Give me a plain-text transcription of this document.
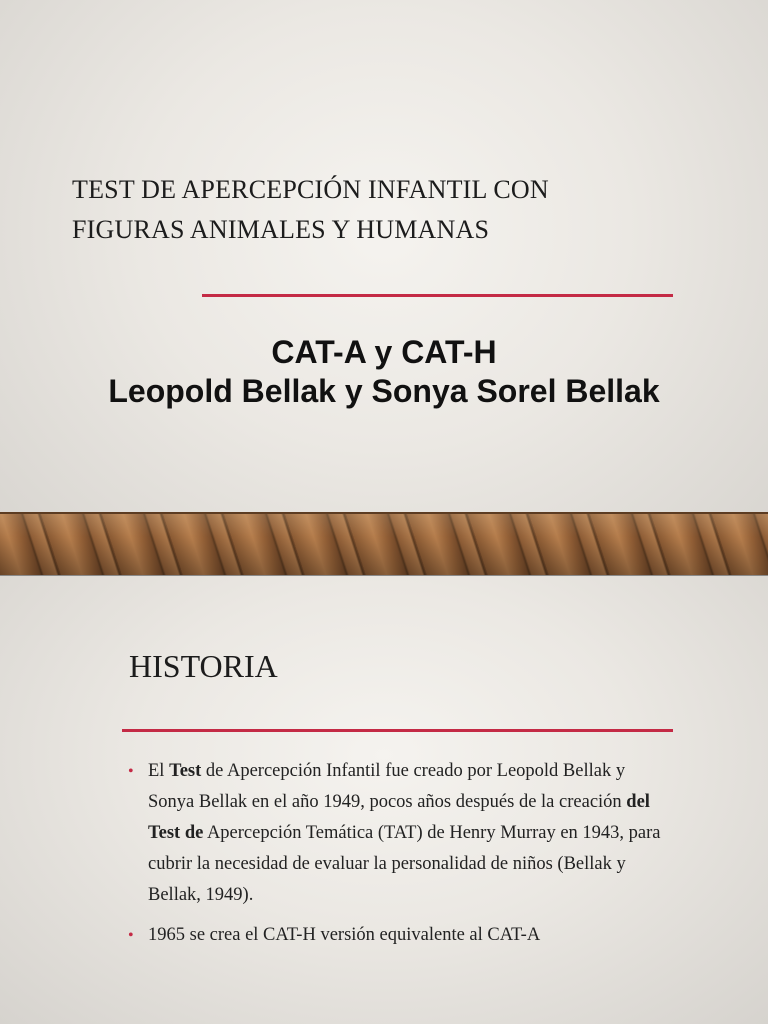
TEST DE APERCEPCIÓN INFANTIL CON
FIGURAS ANIMALES Y HUMANAS
CAT-A y CAT-H
Leopold Bellak y Sonya Sorel Bellak
HISTORIA
• El Test de Apercepción Infantil fue creado por Leopold Bellak y Sonya Bellak en el año 1949, pocos años después de la creación del Test de Apercepción Temática (TAT) de Henry Murray en 1943, para cubrir la necesidad de evaluar la personalidad de niños (Bellak y Bellak, 1949).
• 1965 se crea el CAT-H versión equivalente al CAT-A
